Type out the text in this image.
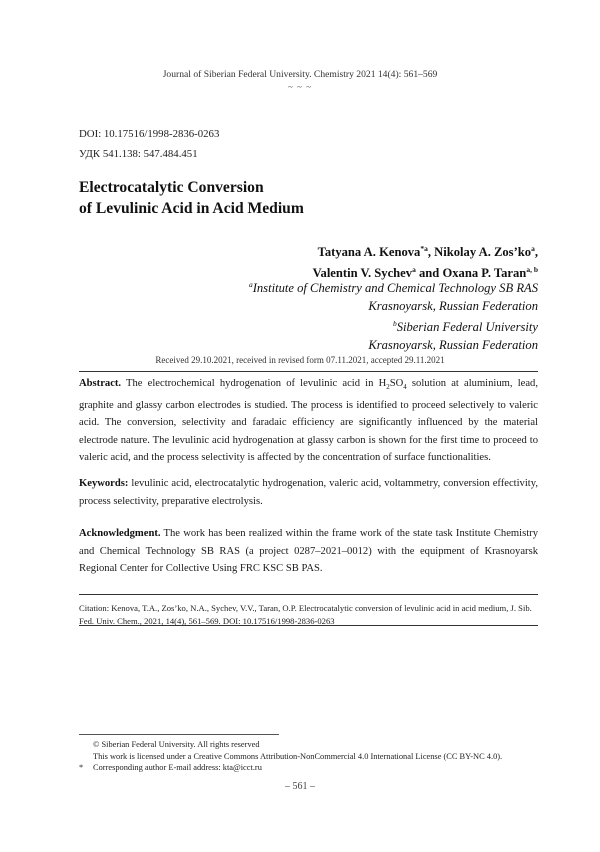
Journal of Siberian Federal University. Chemistry 2021 14(4): 561–569
~ ~ ~
DOI: 10.17516/1998-2836-0263
УДК 541.138: 547.484.451
Electrocatalytic Conversion
of Levulinic Acid in Acid Medium
Tatyana A. Kenova$^{*a}$, Nikolay A. $Zos’ko^a$,
Valentin V. Sychev$^a$ and Oxana P. Taran$^{a, b}$
$^a$Institute of Chemistry and Chemical Technology SB RAS
Krasnoyarsk, Russian Federation
$^b$Siberian Federal University
Krasnoyarsk, Russian Federation
Received 29.10.2021, received in revised form 07.11.2021, accepted 29.11.2021
Abstract. The electrochemical hydrogenation of levulinic acid in $H_2SO_4$ solution at aluminium, lead, graphite and glassy carbon electrodes is studied. The process is identified to proceed selectively to valeric acid. The conversion, selectivity and faradaic efficiency are significantly influenced by the material electrode nature. The levulinic acid hydrogenation at glassy carbon is shown for the first time to proceed to valeric acid, and the process selectivity is affected by the concentration of surface functionalities.
Keywords: levulinic acid, electrocatalytic hydrogenation, valeric acid, voltammetry, conversion effectivity, process selectivity, preparative electrolysis.
Acknowledgment. The work has been realized within the frame work of the state task Institute Chemistry and Chemical Technology SB RAS (a project 0287–2021–0012) with the equipment of Krasnoyarsk Regional Center for Collective Using FRC KSC SB PAS.
Citation: Kenova, T.A., Zos’ko, N.A., Sychev, V.V., Taran, O.P. Electrocatalytic conversion of levulinic acid in acid medium, J. Sib. Fed. Univ. Chem., 2021, 14(4), 561–569. DOI: 10.17516/1998-2836-0263
© Siberian Federal University. All rights reserved
This work is licensed under a Creative Commons Attribution-NonCommercial 4.0 International License (CC BY-NC 4.0).
* Corresponding author E-mail address: kta@icct.ru
– 561 –
